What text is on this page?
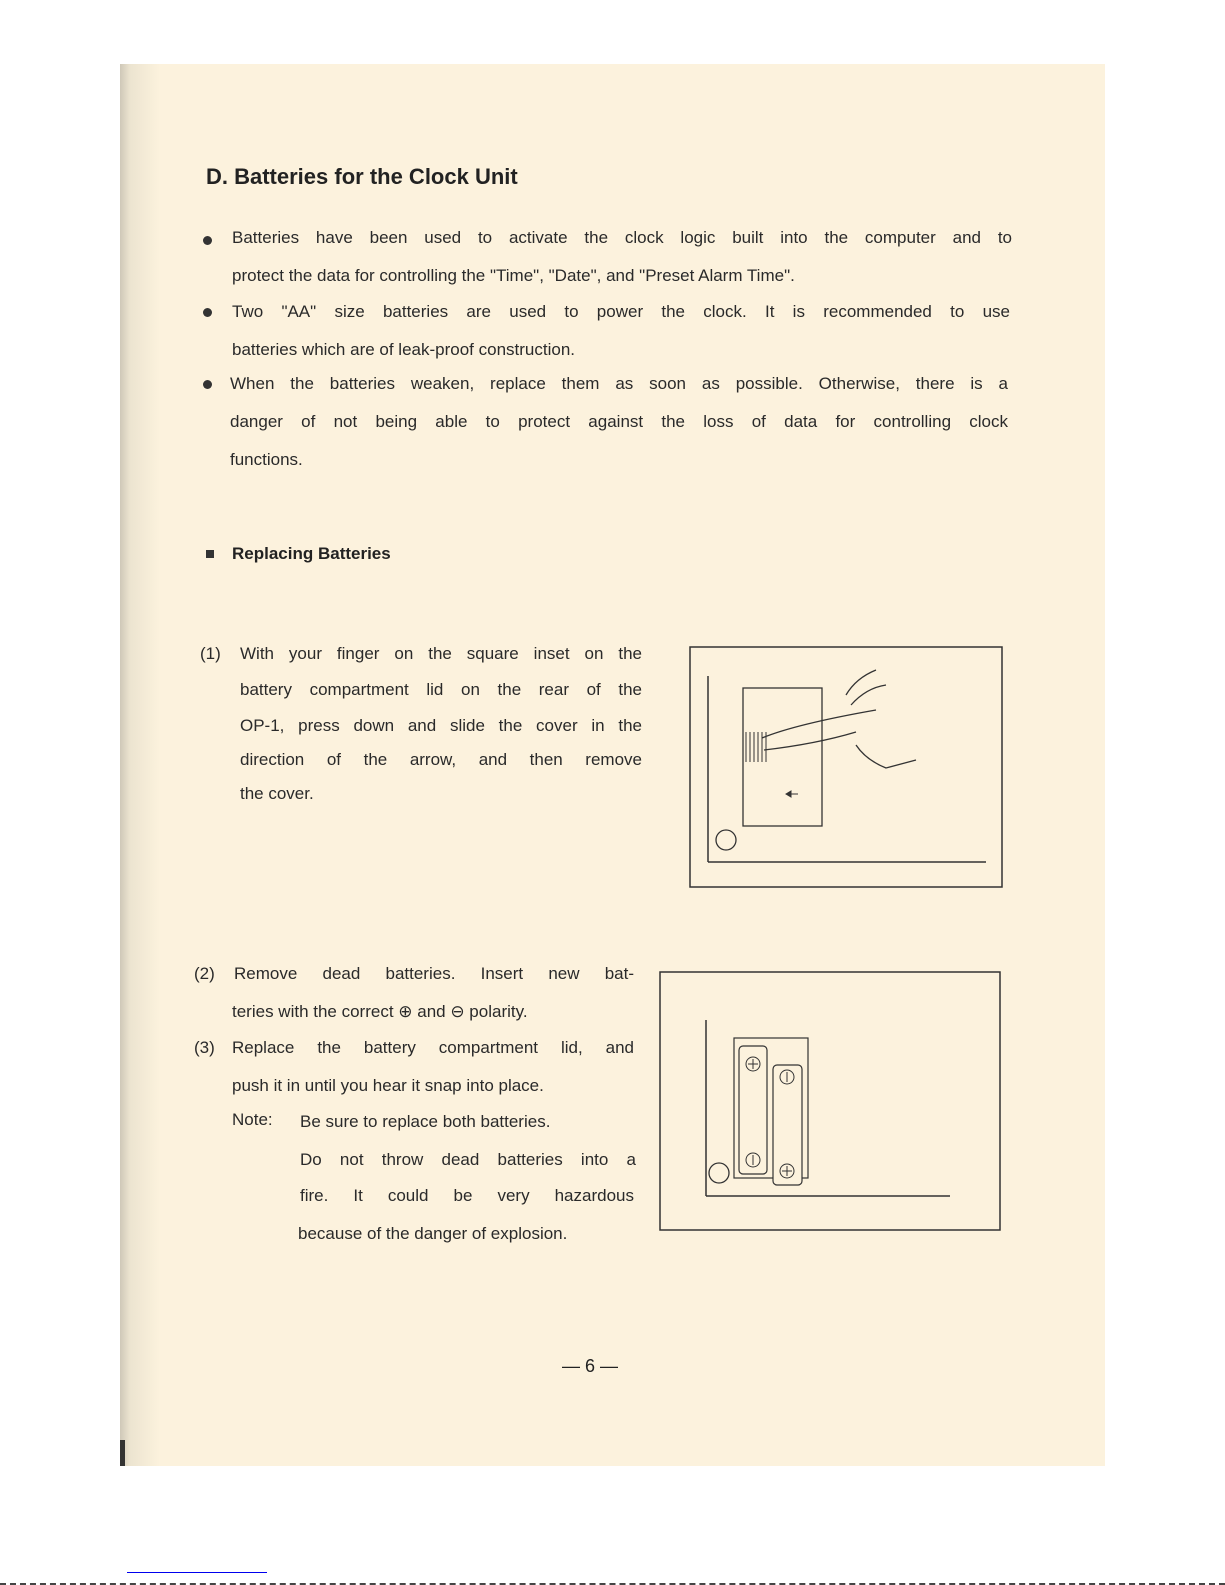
D. Batteries for the Clock Unit
Batteries have been used to activate the clock logic built into the computer and to
protect the data for controlling the "Time", "Date", and "Preset Alarm Time".
Two "AA" size batteries are used to power the clock. It is recommended to use
batteries which are of leak-proof construction.
When the batteries weaken, replace them as soon as possible. Otherwise, there is a
danger of not being able to protect against the loss of data for controlling clock
functions.
Replacing Batteries
(1) With your finger on the square inset on the
battery compartment lid on the rear of the
OP-1, press down and slide the cover in the
direction of the arrow, and then remove
the cover.
(2) Remove dead batteries. Insert new bat-
teries with the correct ⊕ and ⊖ polarity.
(3) Replace the battery compartment lid, and
push it in until you hear it snap into place.
Note: Be sure to replace both batteries.
Do not throw dead batteries into a
fire. It could be very hazardous
because of the danger of explosion.
— 6 —
